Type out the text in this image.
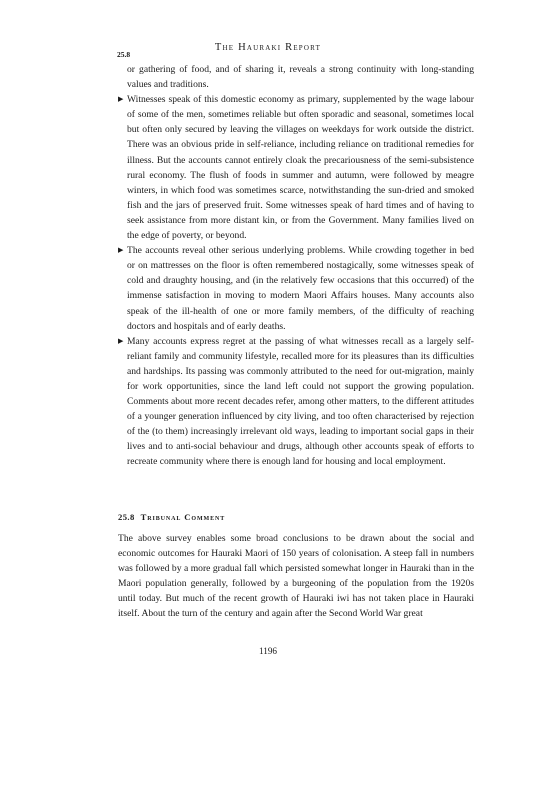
The Hauraki Report
25.8

or gathering of food, and of sharing it, reveals a strong continuity with long-standing values and traditions.

▶ Witnesses speak of this domestic economy as primary, supplemented by the wage labour of some of the men, sometimes reliable but often sporadic and seasonal, sometimes local but often only secured by leaving the villages on weekdays for work outside the district. There was an obvious pride in self-reliance, including reliance on traditional remedies for illness. But the accounts cannot entirely cloak the precariousness of the semi-subsistence rural economy. The flush of foods in summer and autumn, were followed by meagre winters, in which food was sometimes scarce, notwithstanding the sun-dried and smoked fish and the jars of preserved fruit. Some witnesses speak of hard times and of having to seek assistance from more distant kin, or from the Government. Many families lived on the edge of poverty, or beyond.
▶ The accounts reveal other serious underlying problems. While crowding together in bed or on mattresses on the floor is often remembered nostagically, some witnesses speak of cold and draughty housing, and (in the relatively few occasions that this occurred) of the immense satisfaction in moving to modern Maori Affairs houses. Many accounts also speak of the ill-health of one or more family members, of the difficulty of reaching doctors and hospitals and of early deaths.
▶ Many accounts express regret at the passing of what witnesses recall as a largely self-reliant family and community lifestyle, recalled more for its pleasures than its difficulties and hardships. Its passing was commonly attributed to the need for out-migration, mainly for work opportunities, since the land left could not support the growing population. Comments about more recent decades refer, among other matters, to the different attitudes of a younger generation influenced by city living, and too often characterised by rejection of the (to them) increasingly irrelevant old ways, leading to important social gaps in their lives and to anti-social behaviour and drugs, although other accounts speak of efforts to recreate community where there is enough land for housing and local employment.
25.8 Tribunal Comment

The above survey enables some broad conclusions to be drawn about the social and economic outcomes for Hauraki Maori of 150 years of colonisation. A steep fall in numbers was followed by a more gradual fall which persisted somewhat longer in Hauraki than in the Maori population generally, followed by a burgeoning of the population from the 1920s until today. But much of the recent growth of Hauraki iwi has not taken place in Hauraki itself. About the turn of the century and again after the Second World War great

1196
